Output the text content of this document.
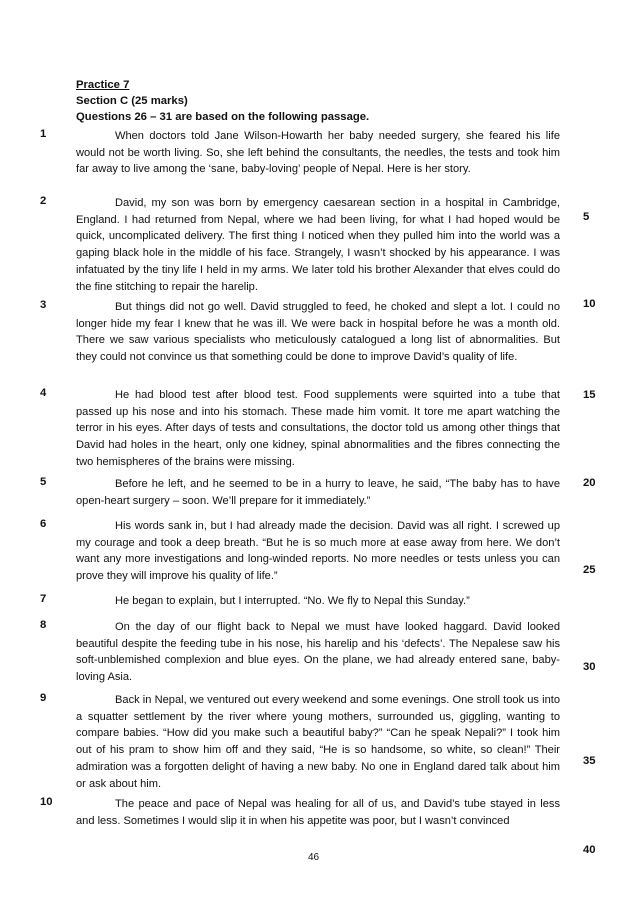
Practice 7
Section C (25 marks)
Questions 26 – 31 are based on the following passage.
1	When doctors told Jane Wilson-Howarth her baby needed surgery, she feared his life would not be worth living. So, she left behind the consultants, the needles, the tests and took him far away to live among the ‘sane, baby-loving’ people of Nepal. Here is her story.

2	David, my son was born by emergency caesarean section in a hospital in Cambridge, England. I had returned from Nepal, where we had been living, for what I had hoped would be quick, uncomplicated delivery. The first thing I noticed when they pulled him into the world was a gaping black hole in the middle of his face. Strangely, I wasn’t shocked by his appearance. I was infatuated by the tiny life I held in my arms. We later told his brother Alexander that elves could do the fine stitching to repair the harelip.

3	But things did not go well. David struggled to feed, he choked and slept a lot. I could no longer hide my fear I knew that he was ill. We were back in hospital before he was a month old. There we saw various specialists who meticulously catalogued a long list of abnormalities. But they could not convince us that something could be done to improve David’s quality of life.

4	He had blood test after blood test. Food supplements were squirted into a tube that passed up his nose and into his stomach. These made him vomit. It tore me apart watching the terror in his eyes. After days of tests and consultations, the doctor told us among other things that David had holes in the heart, only one kidney, spinal abnormalities and the fibres connecting the two hemispheres of the brains were missing.

5	Before he left, and he seemed to be in a hurry to leave, he said, “The baby has to have open-heart surgery – soon. We’ll prepare for it immediately.”

6	His words sank in, but I had already made the decision. David was all right. I screwed up my courage and took a deep breath. “But he is so much more at ease away from here. We don’t want any more investigations and long-winded reports. No more needles or tests unless you can prove they will improve his quality of life.”

7	He began to explain, but I interrupted. “No. We fly to Nepal this Sunday.”

8	On the day of our flight back to Nepal we must have looked haggard. David looked beautiful despite the feeding tube in his nose, his harelip and his ‘defects’. The Nepalese saw his soft-unblemished complexion and blue eyes. On the plane, we had already entered sane, baby-loving Asia.

9	Back in Nepal, we ventured out every weekend and some evenings. One stroll took us into a squatter settlement by the river where young mothers, surrounded us, giggling, wanting to compare babies. “How did you make such a beautiful baby?” “Can he speak Nepali?” I took him out of his pram to show him off and they said, “He is so handsome, so white, so clean!” Their admiration was a forgotten delight of having a new baby. No one in England dared talk about him or ask about him.

10	The peace and pace of Nepal was healing for all of us, and David’s tube stayed in less and less. Sometimes I would slip it in when his appetite was poor, but I wasn’t convinced

5
10
15
20
25
30
35
40
46
